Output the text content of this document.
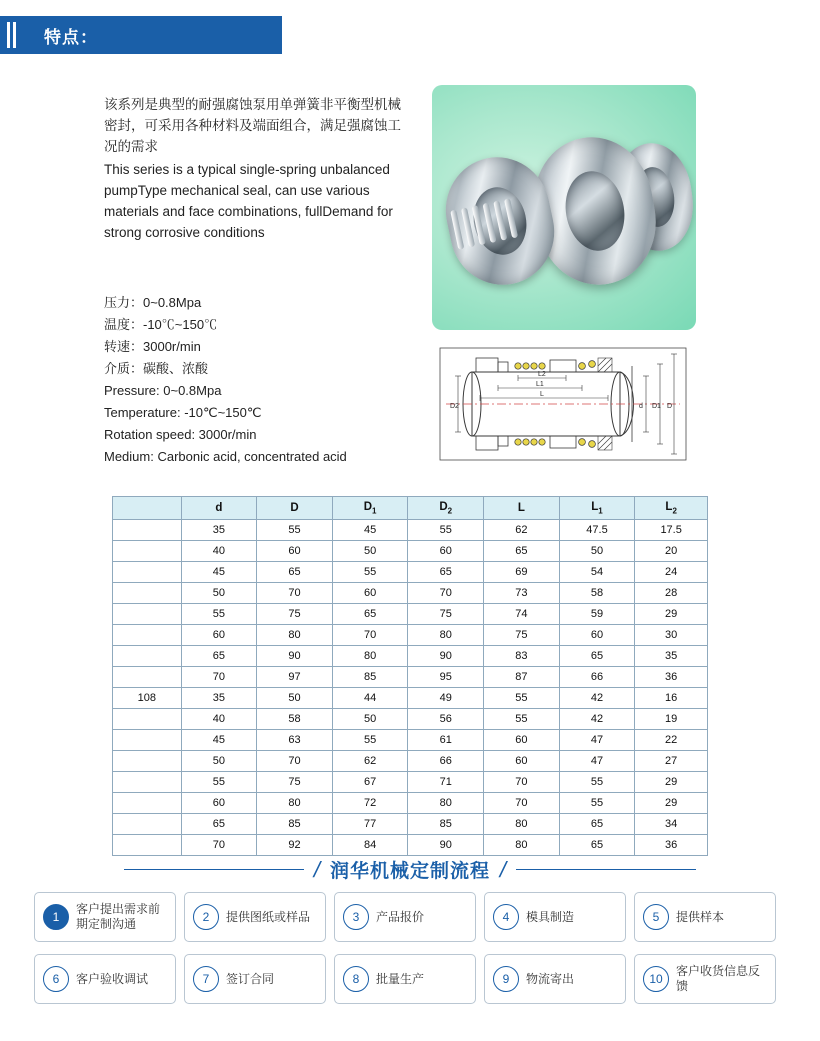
特点：

该系列是典型的耐强腐蚀泵用单弹簧非平衡型机械密封，可采用各种材料及端面组合，满足强腐蚀工况的需求

This series is a typical single-spring unbalanced pumpType mechanical seal, can use various materials and face combinations, fullDemand for strong corrosive conditions

压力：0~0.8Mpa

温度：-10℃~150℃

转速：3000r/min

介质：碳酸、浓酸

Pressure: 0~0.8Mpa

Temperature: -10℃~150℃

Rotation speed: 3000r/min

Medium: Carbonic acid, concentrated acid

L2
L1
L
D2	d D1 D
	d	D	$D_1$	$D_2$	L	$L_1$	$L_2$
	35	55	45	55	62	47.5	17.5
	40	60	50	60	65	50	20
	45	65	55	65	69	54	24
	50	70	60	70	73	58	28
	55	75	65	75	74	59	29
	60	80	70	80	75	60	30
	65	90	80	90	83	65	35
	70	97	85	95	87	66	36
108	35	50	44	49	55	42	16
	40	58	50	56	55	42	19
	45	63	55	61	60	47	22
	50	70	62	66	60	47	27
	55	75	67	71	70	55	29
	60	80	72	80	70	55	29
	65	85	77	85	80	65	34
	70	92	84	90	80	65	36
/ 润华机械定制流程 /
1
客户提出需求前期定制沟通	2	提供图纸或样品	3	产品报价	4	模具制造	5	提供样本
6	客户验收调试	7	签订合同	8	批量生产	9	物流寄出	10
客户收货信息反馈
